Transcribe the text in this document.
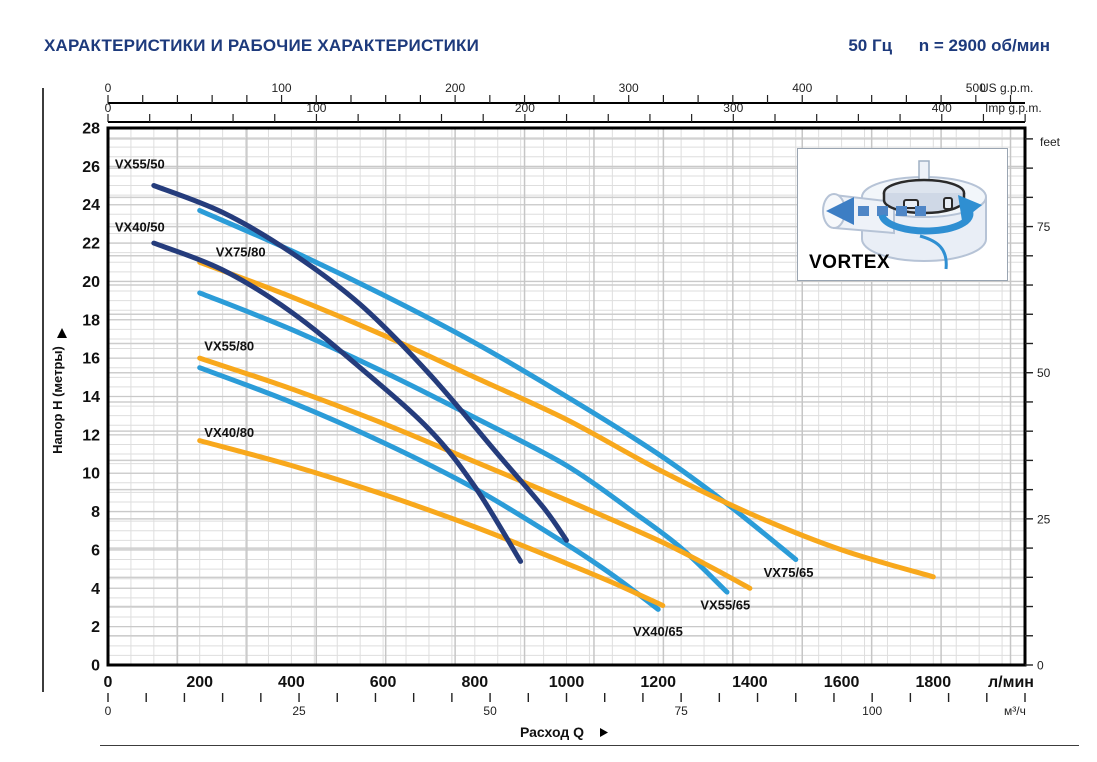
ХАРАКТЕРИСТИКИ И РАБОЧИЕ ХАРАКТЕРИСТИКИ	50 Гц n = 2900 об/мин
VX75/65
VX55/65
VX40/65
VX75/80
VX55/80
VX40/80
VX55/50
VX40/50
0	100	200	300	400	500
US g.p.m.
0	100	200	300	400	Imp g.p.m.
0	200	400	600	800	1000	1200	1400	1600	1800 л/мин
0	25	50	75	100	м³/ч
0
2
4
6
8
10
12
14
16
18
20
22
24
26
28
0
25
50
75
feet
Напор H (метры)
Расход Q
VORTEX
